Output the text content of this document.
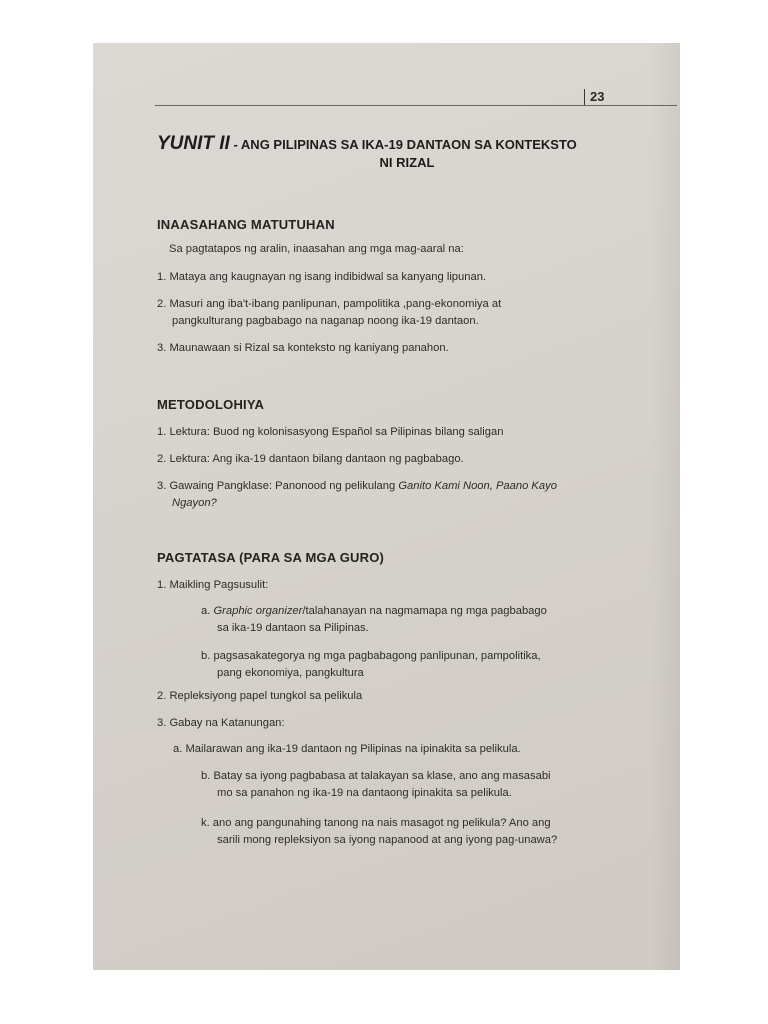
23
YUNIT II - ANG PILIPINAS SA IKA-19 DANTAON SA KONTEKSTO
NI RIZAL
INAASAHANG MATUTUHAN
Sa pagtatapos ng aralin, inaasahan ang mga mag-aaral na:
1. Mataya ang kaugnayan ng isang indibidwal sa kanyang lipunan.
2. Masuri ang iba't-ibang panlipunan, pampolitika ,pang-ekonomiya at
pangkulturang pagbabago na naganap noong ika-19 dantaon.
3. Maunawaan si Rizal sa konteksto ng kaniyang panahon.
METODOLOHIYA
1. Lektura: Buod ng kolonisasyong Español sa Pilipinas bilang saligan
2. Lektura: Ang ika-19 dantaon bilang dantaon ng pagbabago.
3. Gawaing Pangklase: Panonood ng pelikulang Ganito Kami Noon, Paano Kayo
Ngayon?
PAGTATASA (PARA SA MGA GURO)
1. Maikling Pagsusulit:
a. Graphic organizer/talahanayan na nagmamapa ng mga pagbabago
sa ika-19 dantaon sa Pilipinas.
b. pagsasakategorya ng mga pagbabagong panlipunan, pampolitika,
pang ekonomiya, pangkultura
2. Repleksiyong papel tungkol sa pelikula
3. Gabay na Katanungan:
a. Mailarawan ang ika-19 dantaon ng Pilipinas na ipinakita sa pelikula.
b. Batay sa iyong pagbabasa at talakayan sa klase, ano ang masasabi
mo sa panahon ng ika-19 na dantaong ipinakita sa pelikula.
k. ano ang pangunahing tanong na nais masagot ng pelikula? Ano ang
sarili mong repleksiyon sa iyong napanood at ang iyong pag-unawa?
